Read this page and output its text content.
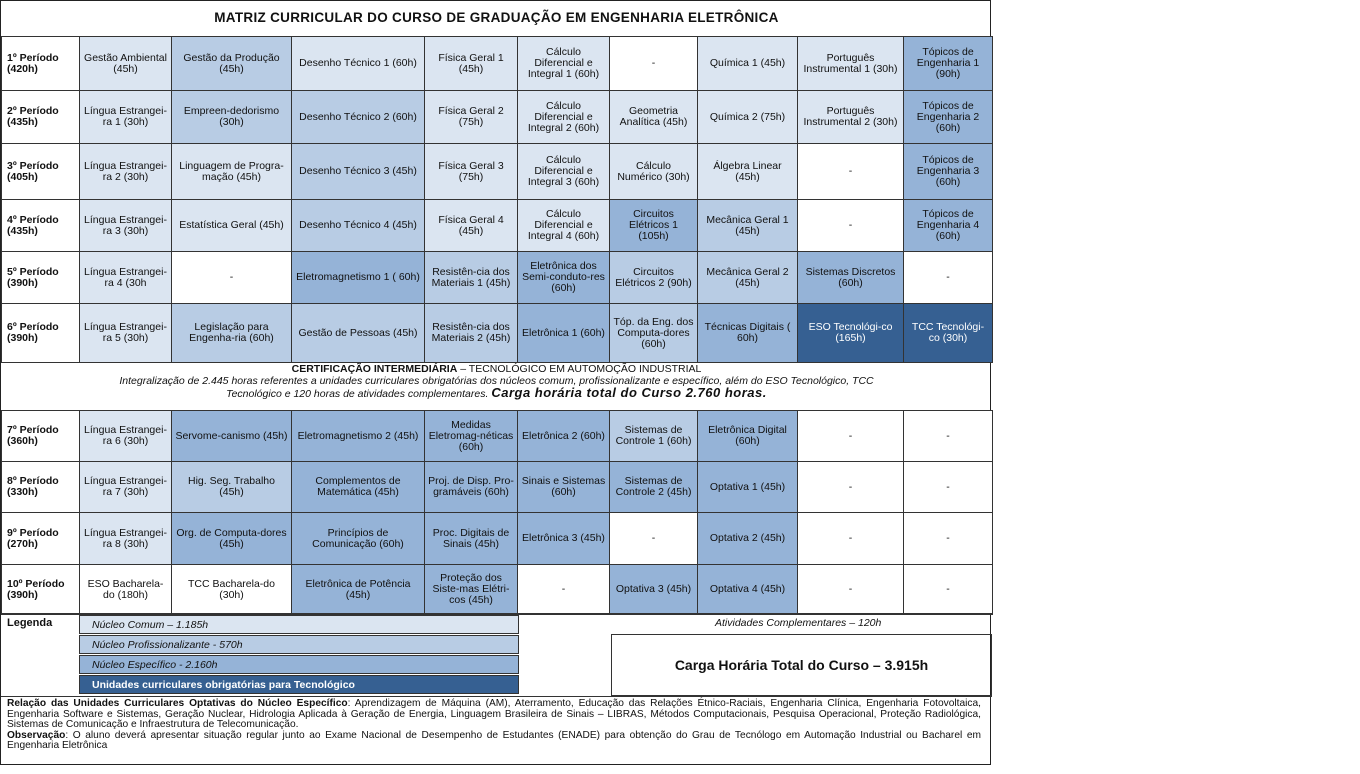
MATRIZ CURRICULAR DO CURSO DE GRADUAÇÃO EM ENGENHARIA ELETRÔNICA
1º Período (420h)	Gestão Ambiental (45h)	Gestão da Produção (45h)	Desenho Técnico 1 (60h)	Física Geral 1 (45h)	Cálculo Diferencial e Integral 1 (60h)	-	Química 1 (45h)	Português Instrumental 1 (30h)	Tópicos de Engenharia 1 (90h)
2º Período (435h)	Língua Estrangei-ra 1 (30h)	Empreen-dedorismo (30h)	Desenho Técnico 2 (60h)	Física Geral 2 (75h)	Cálculo Diferencial e Integral 2 (60h)	Geometria Analítica (45h)	Química 2 (75h)	Português Instrumental 2 (30h)	Tópicos de Engenharia 2 (60h)
3º Período (405h)	Língua Estrangei-ra 2 (30h)	Linguagem de Progra-mação (45h)	Desenho Técnico 3 (45h)	Física Geral 3 (75h)	Cálculo Diferencial e Integral 3 (60h)	Cálculo Numérico (30h)	Álgebra Linear (45h)	-	Tópicos de Engenharia 3 (60h)
4º Período (435h)	Língua Estrangei-ra 3 (30h)	Estatística Geral (45h)	Desenho Técnico 4 (45h)	Física Geral 4 (45h)	Cálculo Diferencial e Integral 4 (60h)	Circuitos Elétricos 1 (105h)	Mecânica Geral 1 (45h)	-	Tópicos de Engenharia 4 (60h)
5º Período (390h)	Língua Estrangei-ra 4 (30h	-	Eletromagnetismo 1 ( 60h)	Resistên-cia dos Materiais 1 (45h)	Eletrônica dos Semi-conduto-res (60h)	Circuitos Elétricos 2 (90h)	Mecânica Geral 2 (45h)	Sistemas Discretos (60h)	-
6º Período (390h)	Língua Estrangei-ra 5 (30h)	Legislação para Engenha-ria (60h)	Gestão de Pessoas (45h)	Resistên-cia dos Materiais 2 (45h)	Eletrônica 1 (60h)	Tóp. da Eng. dos Computa-dores (60h)	Técnicas Digitais ( 60h)	ESO Tecnológi-co (165h)	TCC Tecnológi-co (30h)
CERTIFICAÇÃO INTERMEDIÁRIA – TECNOLÓGICO EM AUTOMOÇÃO INDUSTRIAL
Integralização de 2.445 horas referentes a unidades curriculares obrigatórias dos núcleos comum, profissionalizante e específico, além do ESO Tecnológico, TCC
Tecnológico e 120 horas de atividades complementares. Carga horária total do Curso 2.760 horas.
7º Período (360h)	Língua Estrangei-ra 6 (30h)	Servome-canismo (45h)	Eletromagnetismo 2 (45h)	Medidas Eletromag-néticas (60h)	Eletrônica 2 (60h)	Sistemas de Controle 1 (60h)	Eletrônica Digital (60h)	-	-
8º Período (330h)	Língua Estrangei-ra 7 (30h)	Hig. Seg. Trabalho (45h)	Complementos de Matemática (45h)	Proj. de Disp. Pro-gramáveis (60h)	Sinais e Sistemas (60h)	Sistemas de Controle 2 (45h)	Optativa 1 (45h)	-	-
9º Período (270h)	Língua Estrangei-ra 8 (30h)	Org. de Computa-dores (45h)	Princípios de Comunicação (60h)	Proc. Digitais de Sinais (45h)	Eletrônica 3 (45h)	-	Optativa 2 (45h)	-	-
10º Período (390h)	ESO Bacharela-do (180h)	TCC Bacharela-do (30h)	Eletrônica de Potência (45h)	Proteção dos Siste-mas Elétri-cos (45h)	-	Optativa 3 (45h)	Optativa 4 (45h)	-	-
Legenda	Núcleo Comum – 1.185h
Núcleo Profissionalizante - 570h
Núcleo Específico - 2.160h
Unidades curriculares obrigatórias para Tecnológico
Atividades Complementares – 120h
Carga Horária Total do Curso – 3.915h
Relação das Unidades Curriculares Optativas do Núcleo Específico: Aprendizagem de Máquina (AM), Aterramento, Educação das Relações Étnico-Raciais, Engenharia Clínica, Engenharia Fotovoltaica, Engenharia Software e Sistemas, Geração Nuclear, Hidrologia Aplicada à Geração de Energia, Linguagem Brasileira de Sinais – LIBRAS, Métodos Computacionais, Pesquisa Operacional, Proteção Radiológica, Sistemas de Comunicação e Infraestrutura de Telecomunicação.
Observação: O aluno deverá apresentar situação regular junto ao Exame Nacional de Desempenho de Estudantes (ENADE) para obtenção do Grau de Tecnólogo em Automação Industrial ou Bacharel em Engenharia Eletrônica
